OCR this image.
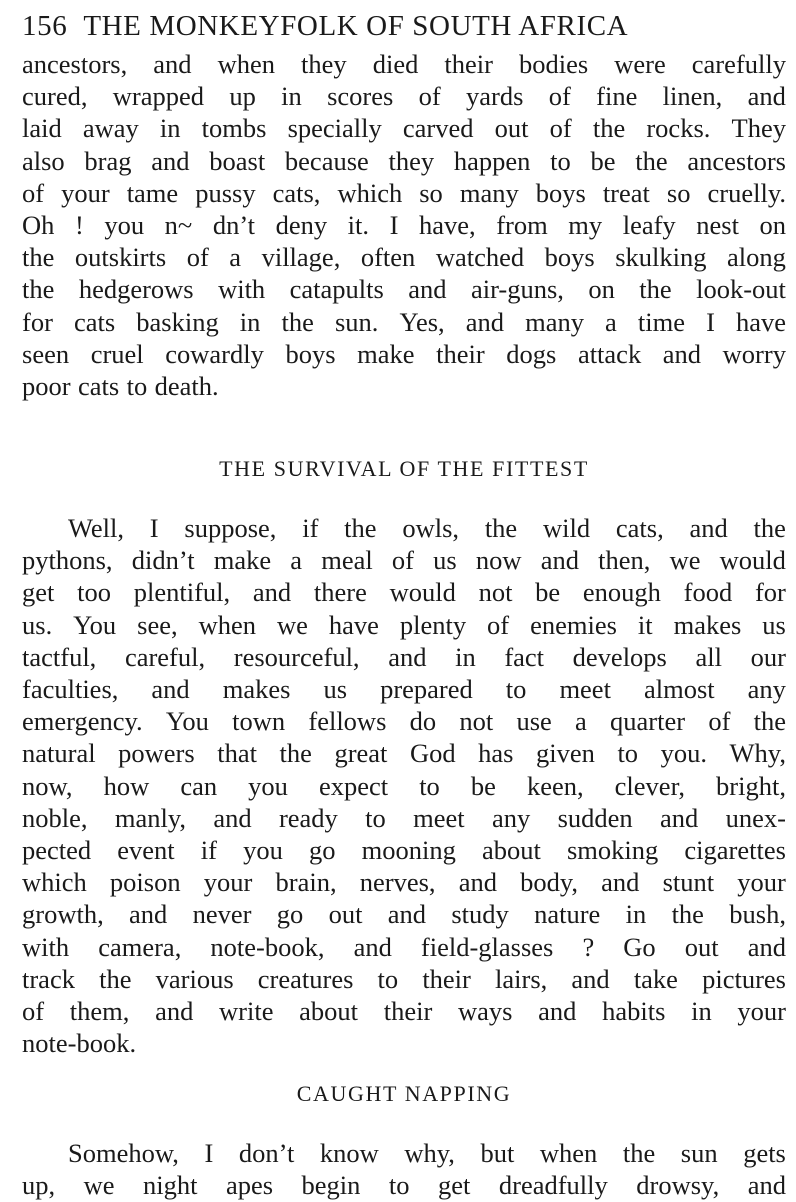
156 THE MONKEYFOLK OF SOUTH AFRICA
ancestors, and when they died their bodies were carefully
cured, wrapped up in scores of yards of fine linen, and
laid away in tombs specially carved out of the rocks. They
also brag and boast because they happen to be the ancestors
of your tame pussy cats, which so many boys treat so cruelly.
Oh ! you n~ dn’t deny it. I have, from my leafy nest on
the outskirts of a village, often watched boys skulking along
the hedgerows with catapults and air-guns, on the look-out
for cats basking in the sun. Yes, and many a time I have
seen cruel cowardly boys make their dogs attack and worry
poor cats to death.
THE SURVIVAL OF THE FITTEST
Well, I suppose, if the owls, the wild cats, and the
pythons, didn’t make a meal of us now and then, we would
get too plentiful, and there would not be enough food for
us. You see, when we have plenty of enemies it makes us
tactful, careful, resourceful, and in fact develops all our
faculties, and makes us prepared to meet almost any
emergency. You town fellows do not use a quarter of the
natural powers that the great God has given to you. Why,
now, how can you expect to be keen, clever, bright,
noble, manly, and ready to meet any sudden and unex-
pected event if you go mooning about smoking cigarettes
which poison your brain, nerves, and body, and stunt your
growth, and never go out and study nature in the bush,
with camera, note-book, and field-glasses ? Go out and
track the various creatures to their lairs, and take pictures
of them, and write about their ways and habits in your
note-book.
CAUGHT NAPPING
Somehow, I don’t know why, but when the sun gets
up, we night apes begin to get dreadfully drowsy, and
